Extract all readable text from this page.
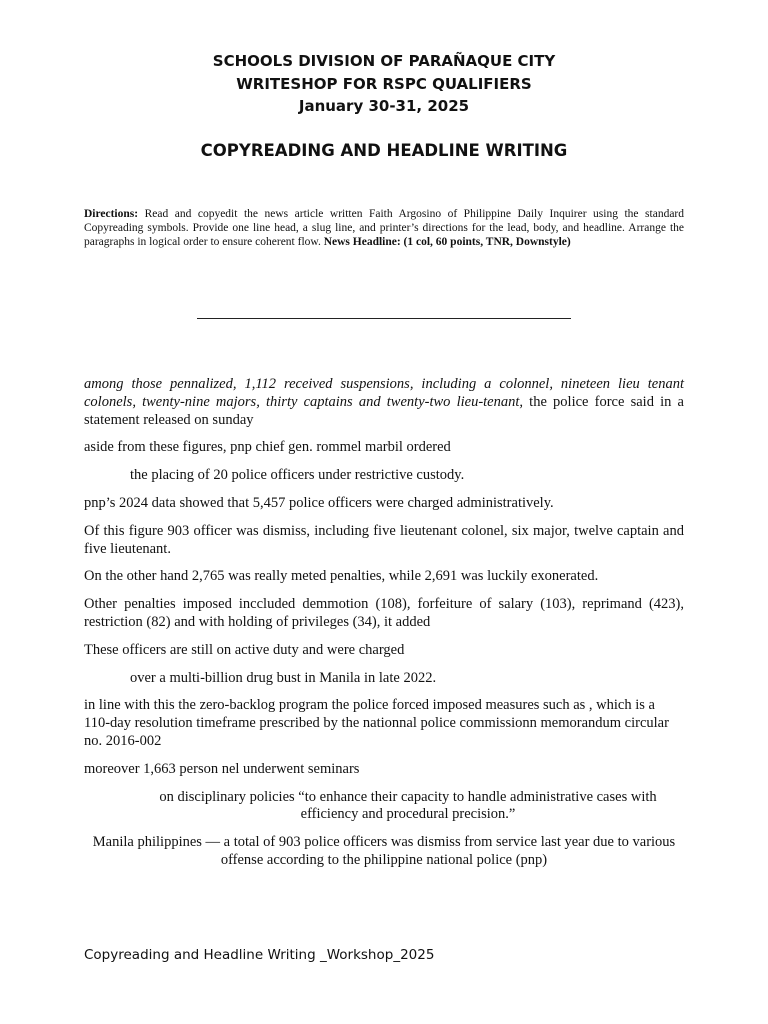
SCHOOLS DIVISION OF PARAÑAQUE CITY
WRITESHOP FOR RSPC QUALIFIERS
January 30-31, 2025
COPYREADING AND HEADLINE WRITING
Directions: Read and copyedit the news article written Faith Argosino of Philippine Daily Inquirer using the standard Copyreading symbols. Provide one line head, a slug line, and printer’s directions for the lead, body, and headline. Arrange the paragraphs in logical order to ensure coherent flow. News Headline: (1 col, 60 points, TNR, Downstyle)

among those pennalized, 1,112 received suspensions, including a colonnel, nineteen lieu tenant colonels, twenty-nine majors, thirty captains and twenty-two lieu-tenant, the police force said in a statement released on sunday

aside from these figures, pnp chief gen. rommel marbil ordered

the placing of 20 police officers under restrictive custody.

pnp’s 2024 data showed that 5,457 police officers were charged administratively.

Of this figure 903 officer was dismiss, including five lieutenant colonel, six major, twelve captain and five lieutenant.

On the other hand 2,765 was really meted penalties, while 2,691 was luckily exonerated.

Other penalties imposed inccluded demmotion (108), forfeiture of salary (103), reprimand (423), restriction (82) and with holding of privileges (34), it added

These officers are still on active duty and were charged

over a multi-billion drug bust in Manila in late 2022.

in line with this the zero-backlog program the police forced imposed measures such as , which is a 110-day resolution timeframe prescribed by the nationnal police commissionn memorandum circular no. 2016-002

moreover 1,663 person nel underwent seminars

on disciplinary policies “to enhance their capacity to handle administrative cases with efficiency and procedural precision.”

Manila philippines — a total of 903 police officers was dismiss from service last year due to various offense according to the philippine national police (pnp)

Copyreading and Headline Writing _Workshop_2025
